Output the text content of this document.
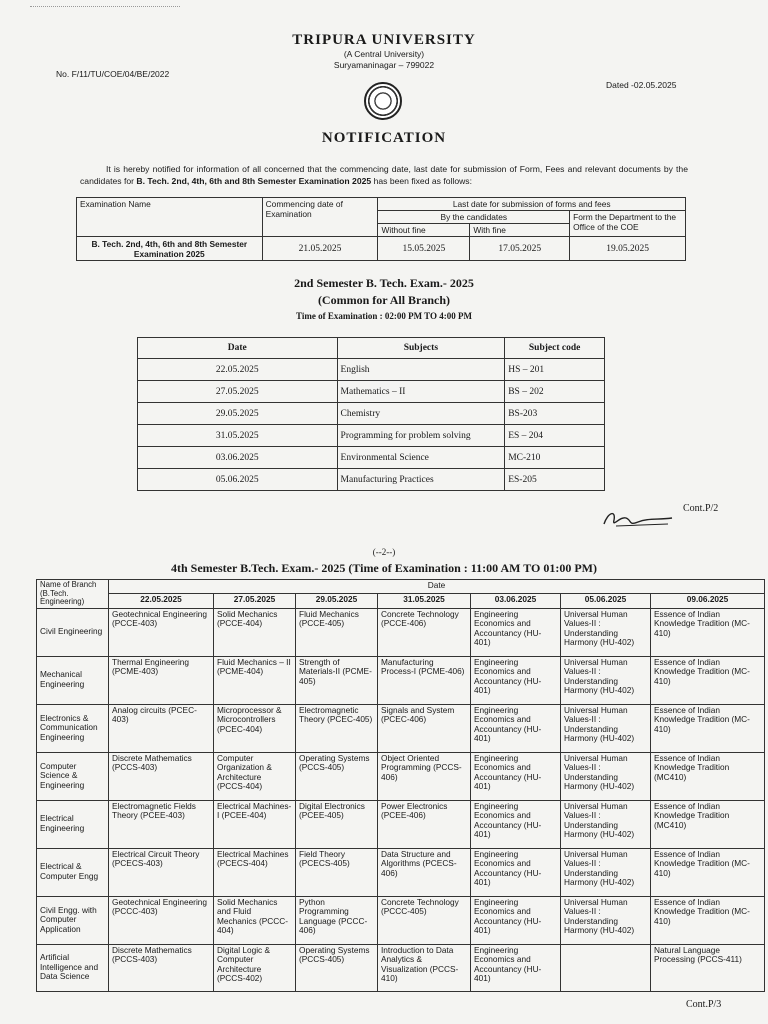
TRIPURA UNIVERSITY
(A Central University)
Suryamaninagar – 799022
No. F/11/TU/COE/04/BE/2022
Dated -02.05.2025
NOTIFICATION
It is hereby notified for information of all concerned that the commencing date, last date for submission of Form, Fees and relevant documents by the candidates for B. Tech. 2nd, 4th, 6th and 8th Semester Examination 2025 has been fixed as follows:
Examination Name	Commencing date of Examination	Last date for submission of forms and fees		
		By the candidates		Form the Department to the Office of the COE
		Without fine	With fine	
B. Tech. 2nd, 4th, 6th and 8th Semester Examination 2025	21.05.2025	15.05.2025	17.05.2025	19.05.2025
2nd Semester B. Tech. Exam.- 2025
(Common for All Branch)
Time of Examination : 02:00 PM TO 4:00 PM
Date	Subjects	Subject code
22.05.2025	English	HS – 201
27.05.2025	Mathematics – II	BS – 202
29.05.2025	Chemistry	BS-203
31.05.2025	Programming for problem solving	ES – 204
03.06.2025	Environmental Science	MC-210
05.06.2025	Manufacturing Practices	ES-205
Cont.P/2
(--2--)
4th Semester B.Tech. Exam.- 2025 (Time of Examination : 11:00 AM TO 01:00 PM)
Name of Branch (B.Tech. Engineering)	Date						
	22.05.2025	27.05.2025	29.05.2025	31.05.2025	03.06.2025	05.06.2025	09.06.2025
Civil Engineering	Geotechnical Engineering (PCCE-403)	Solid Mechanics (PCCE-404)	Fluid Mechanics (PCCE-405)	Concrete Technology (PCCE-406)	Engineering Economics and Accountancy (HU-401)	Universal Human Values-II : Understanding Harmony (HU-402)	Essence of Indian Knowledge Tradition (MC-410)
Mechanical Engineering	Thermal Engineering (PCME-403)	Fluid Mechanics – II (PCME-404)	Strength of Materials-II (PCME-405)	Manufacturing Process-I (PCME-406)	Engineering Economics and Accountancy (HU-401)	Universal Human Values-II : Understanding Harmony (HU-402)	Essence of Indian Knowledge Tradition (MC-410)
Electronics & Communication Engineering	Analog circuits (PCEC-403)	Microprocessor & Microcontrollers (PCEC-404)	Electromagnetic Theory (PCEC-405)	Signals and System (PCEC-406)	Engineering Economics and Accountancy (HU-401)	Universal Human Values-II : Understanding Harmony (HU-402)	Essence of Indian Knowledge Tradition (MC-410)
Computer Science & Engineering	Discrete Mathematics (PCCS-403)	Computer Organization & Architecture (PCCS-404)	Operating Systems (PCCS-405)	Object Oriented Programming (PCCS-406)	Engineering Economics and Accountancy (HU-401)	Universal Human Values-II : Understanding Harmony (HU-402)	Essence of Indian Knowledge Tradition (MC410)
Electrical Engineering	Electromagnetic Fields Theory (PCEE-403)	Electrical Machines-I (PCEE-404)	Digital Electronics (PCEE-405)	Power Electronics (PCEE-406)	Engineering Economics and Accountancy (HU-401)	Universal Human Values-II : Understanding Harmony (HU-402)	Essence of Indian Knowledge Tradition (MC410)
Electrical & Computer Engg	Electrical Circuit Theory (PCECS-403)	Electrical Machines (PCECS-404)	Field Theory (PCECS-405)	Data Structure and Algorithms (PCECS-406)	Engineering Economics and Accountancy (HU-401)	Universal Human Values-II : Understanding Harmony (HU-402)	Essence of Indian Knowledge Tradition (MC-410)
Civil Engg. with Computer Application	Geotechnical Engineering (PCCC-403)	Solid Mechanics and Fluid Mechanics (PCCC-404)	Python Programming Language (PCCC-406)	Concrete Technology (PCCC-405)	Engineering Economics and Accountancy (HU-401)	Universal Human Values-II : Understanding Harmony (HU-402)	Essence of Indian Knowledge Tradition (MC-410)
Artificial Intelligence and Data Science	Discrete Mathematics (PCCS-403)	Digital Logic & Computer Architecture (PCCS-402)	Operating Systems (PCCS-405)	Introduction to Data Analytics & Visualization (PCCS-410)	Engineering Economics and Accountancy (HU-401)		Natural Language Processing (PCCS-411)
Cont.P/3
